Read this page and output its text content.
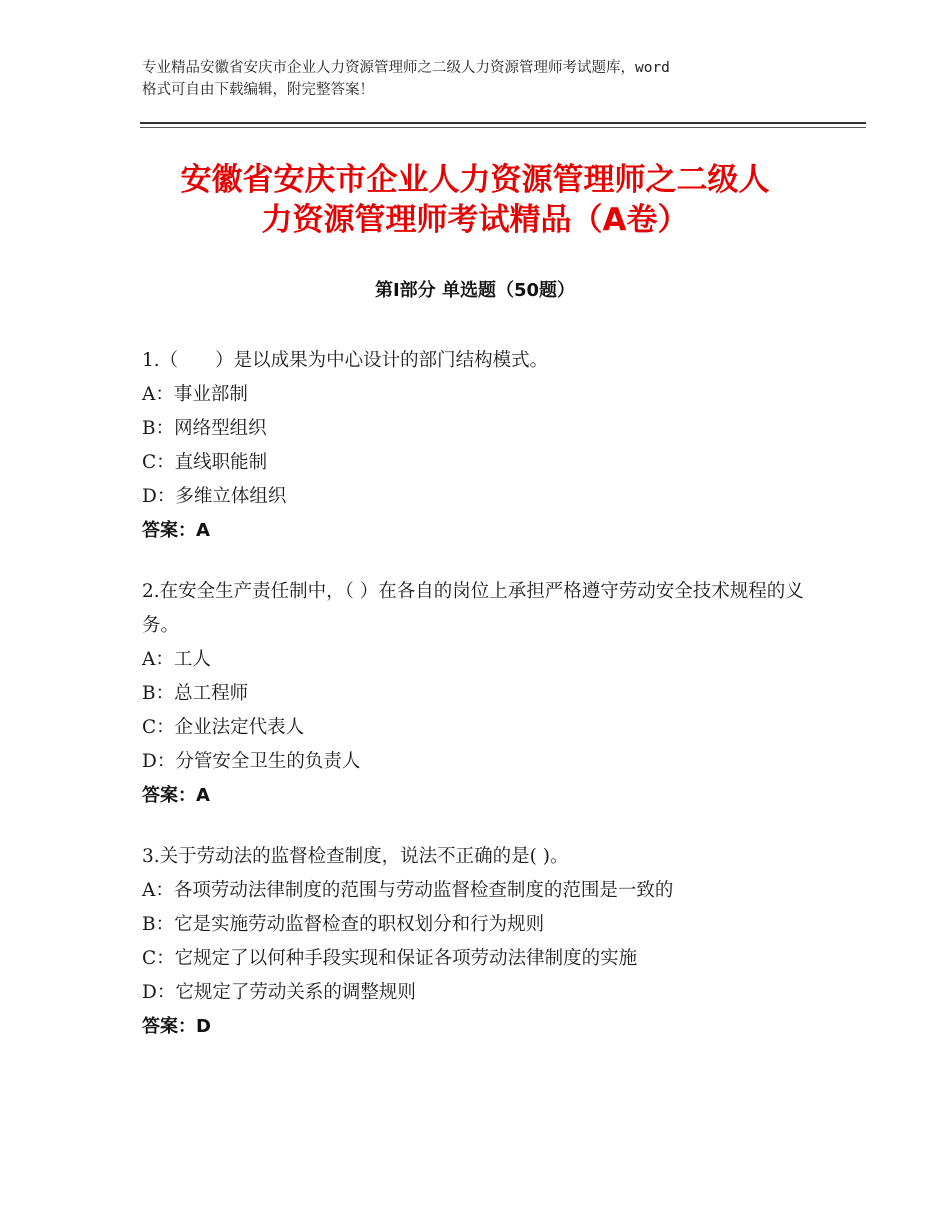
专业精品安徽省安庆市企业人力资源管理师之二级人力资源管理师考试题库，word
格式可自由下载编辑，附完整答案！
安徽省安庆市企业人力资源管理师之二级人
力资源管理师考试精品（A卷）
第Ⅰ部分 单选题（50题）
1.（　　）是以成果为中心设计的部门结构模式。
A：事业部制
B：网络型组织
C：直线职能制
D：多维立体组织
答案：A
2.在安全生产责任制中，（ ）在各自的岗位上承担严格遵守劳动安全技术规程的义务。
A：工人
B：总工程师
C：企业法定代表人
D：分管安全卫生的负责人
答案：A
3.关于劳动法的监督检查制度，说法不正确的是( )。
A：各项劳动法律制度的范围与劳动监督检查制度的范围是一致的
B：它是实施劳动监督检查的职权划分和行为规则
C：它规定了以何种手段实现和保证各项劳动法律制度的实施
D：它规定了劳动关系的调整规则
答案：D
